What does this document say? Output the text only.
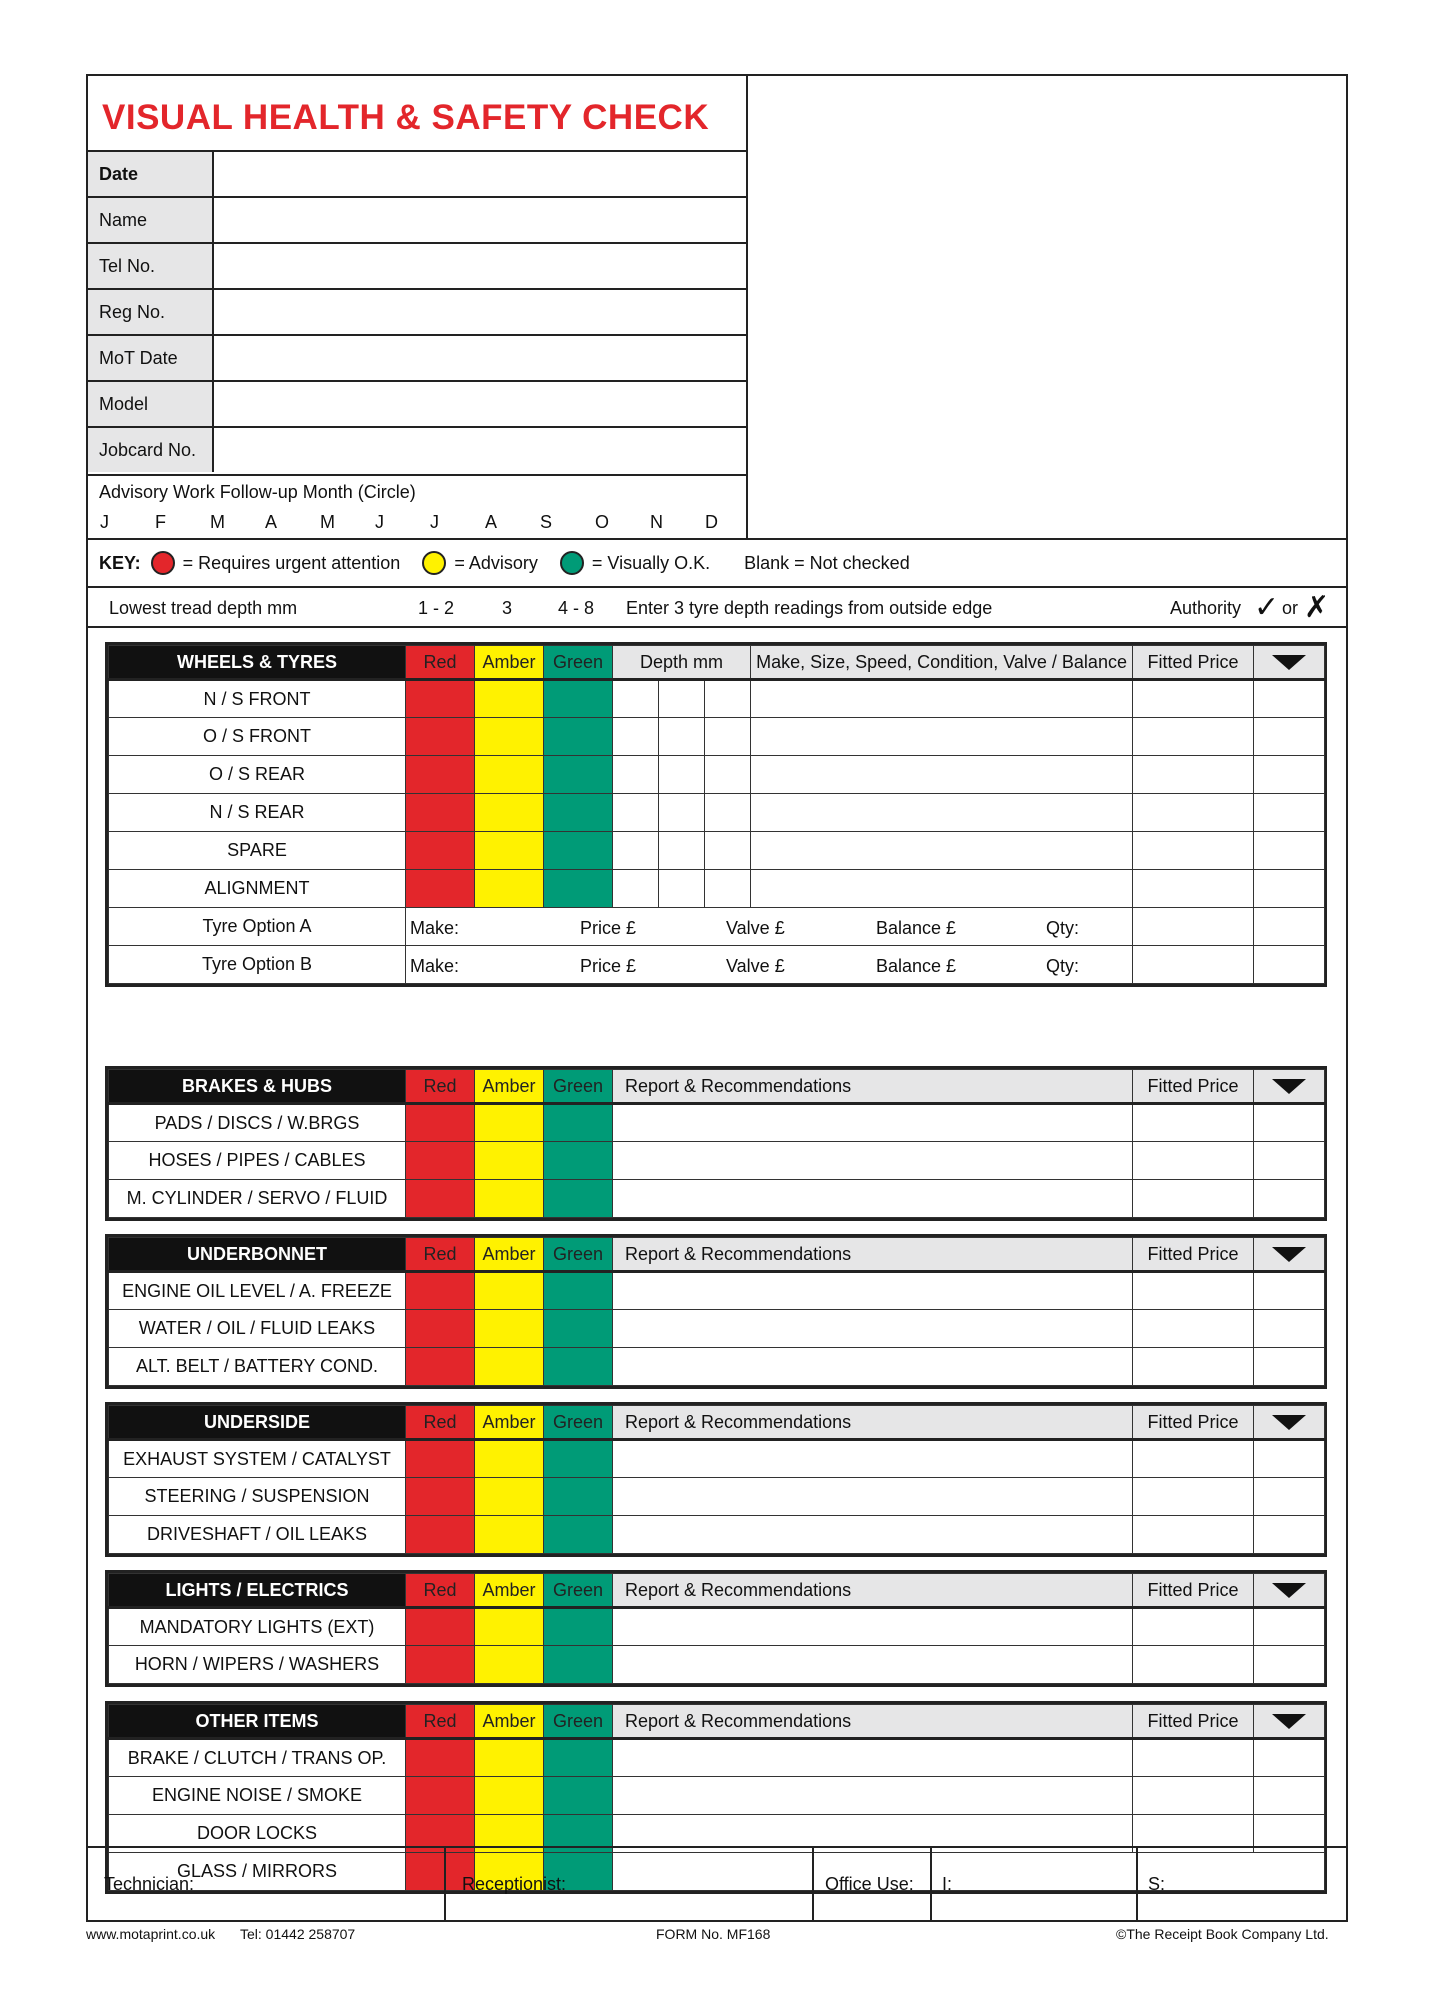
VISUAL HEALTH & SAFETY CHECK
Date
Name
Tel No.
Reg No.
MoT Date
Model
Jobcard No.
Advisory Work Follow-up Month (Circle)
J	F	M	A	M	J	J	A	S	O	N	D
KEY: = Requires urgent attention	= Advisory	= Visually O.K. Blank = Not checked
Lowest tread depth mm	1 - 2	3	4 - 8 Enter 3 tyre depth readings from outside edge	Authority ✓ or ✗
WHEELS & TYRES	Red	Amber	Green	Depth mm			Make, Size, Speed, Condition, Valve / Balance	Fitted Price	

N / S FRONT									
O / S FRONT									
O / S REAR									
N / S REAR									
SPARE									
ALIGNMENT									
Tyre Option A	Make: Price £ Valve £ Balance £ Qty:								

Tyre Option B	Make: Price £ Valve £ Balance £ Qty:								

BRAKES & HUBS	Red	Amber	Green	Report & Recommendations	Fitted Price	

PADS / DISCS / W.BRGS						
HOSES / PIPES / CABLES						
M. CYLINDER / SERVO / FLUID						
UNDERBONNET	Red	Amber	Green	Report & Recommendations	Fitted Price	

ENGINE OIL LEVEL / A. FREEZE						
WATER / OIL / FLUID LEAKS						
ALT. BELT / BATTERY COND.						
UNDERSIDE	Red	Amber	Green	Report & Recommendations	Fitted Price	

EXHAUST SYSTEM / CATALYST						
STEERING / SUSPENSION						
DRIVESHAFT / OIL LEAKS						
LIGHTS / ELECTRICS	Red	Amber	Green	Report & Recommendations	Fitted Price	

MANDATORY LIGHTS (EXT)						
HORN / WIPERS / WASHERS						
OTHER ITEMS	Red	Amber	Green	Report & Recommendations	Fitted Price	

BRAKE / CLUTCH / TRANS OP.						
ENGINE NOISE / SMOKE						
DOOR LOCKS						
GLASS / MIRRORS						
Technician:	Receptionist:	Office Use: I:	S:
www.motaprint.co.uk Tel: 01442 258707	FORM No. MF168	©The Receipt Book Company Ltd.
